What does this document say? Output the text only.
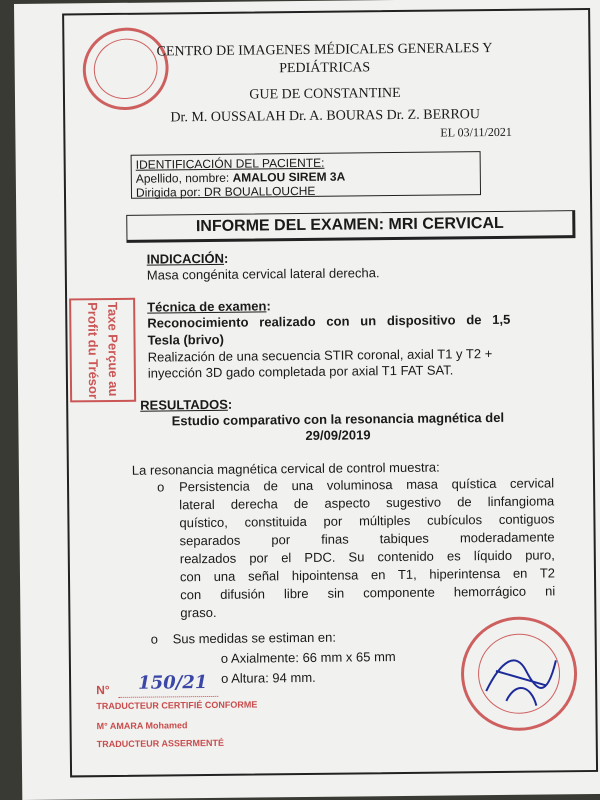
CENTRO DE IMAGENES MÉDICALES GENERALES Y
PEDIÁTRICAS
GUE DE CONSTANTINE
Dr. M. OUSSALAH Dr. A. BOURAS Dr. Z. BERROU
EL 03/11/2021
IDENTIFICACIÓN DEL PACIENTE:
Apellido, nombre: AMALOU SIREM 3A
Dirigida por: DR BOUALLOUCHE
INFORME DEL EXAMEN: MRI CERVICAL
INDICACIÓN:
Masa congénita cervical lateral derecha.
Técnica de examen:
Reconocimiento realizado con un dispositivo de 1,5
Tesla (brivo)
Realización de una secuencia STIR coronal, axial T1 y T2 +
inyección 3D gado completada por axial T1 FAT SAT.
RESULTADOS:
Estudio comparativo con la resonancia magnética del
29/09/2019
La resonancia magnética cervical de control muestra:
o Persistencia de una voluminosa masa quística cervical
lateral derecha de aspecto sugestivo de linfangioma
quístico, constituida por múltiples cubículos contiguos
separados por finas tabiques moderadamente
realzados por el PDC. Su contenido es líquido puro,
con una señal hipointensa en T1, hiperintensa en T2
con difusión libre sin componente hemorrágico ni
graso.
o Sus medidas se estiman en:
o Axialmente: 66 mm x 65 mm
o Altura: 94 mm.
Taxe Perçue au
Profit du Trésor
N° 150/21
TRADUCTEUR CERTIFIÉ CONFORME
M° AMARA Mohamed
TRADUCTEUR ASSERMENTÉ
